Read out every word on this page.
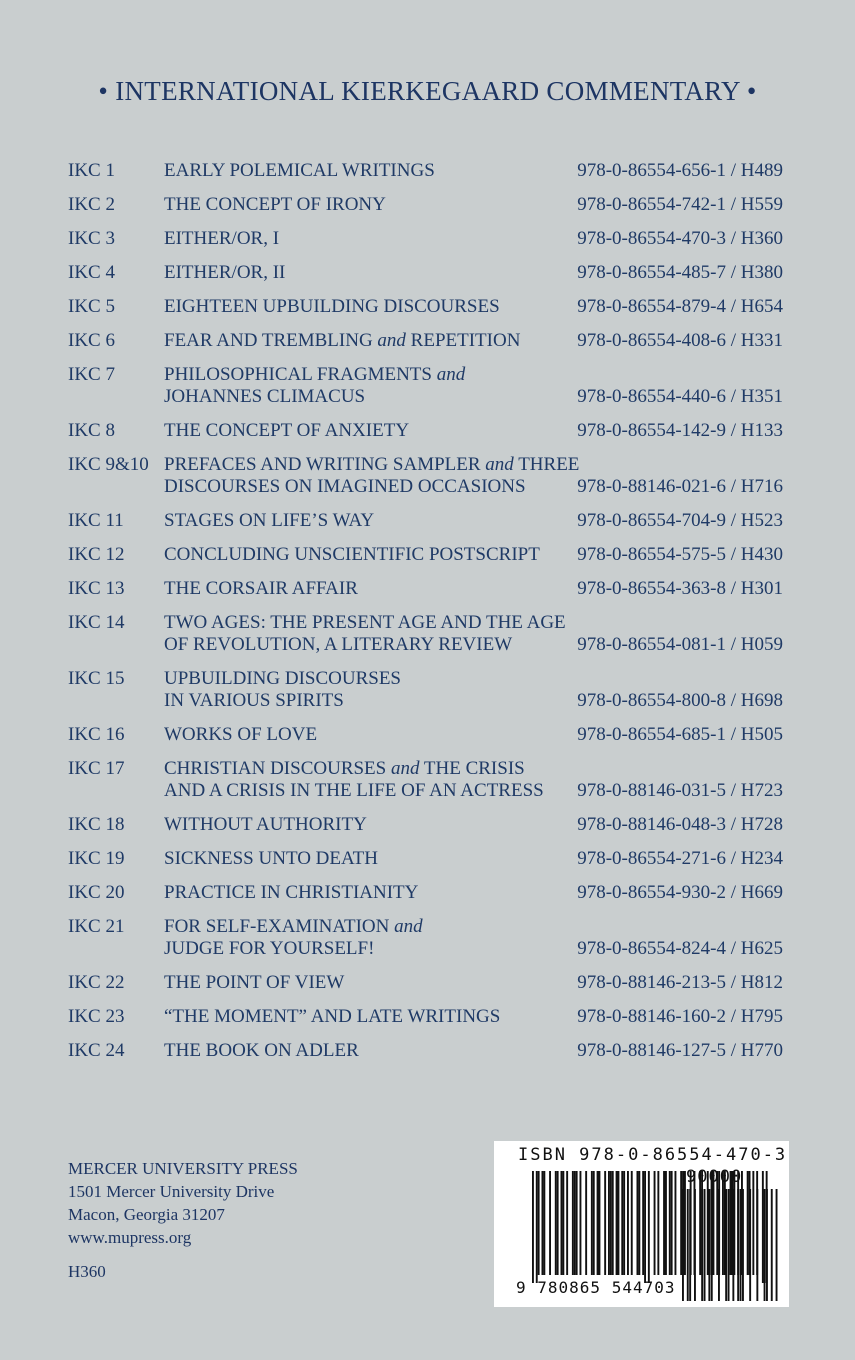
• INTERNATIONAL KIERKEGAARD COMMENTARY •
IKC 1	EARLY POLEMICAL WRITINGS	978-0-86554-656-1 / H489
IKC 2	THE CONCEPT OF IRONY	978-0-86554-742-1 / H559
IKC 3	EITHER/OR, I	978-0-86554-470-3 / H360
IKC 4	EITHER/OR, II	978-0-86554-485-7 / H380
IKC 5	EIGHTEEN UPBUILDING DISCOURSES	978-0-86554-879-4 / H654
IKC 6	FEAR AND TREMBLING and REPETITION	978-0-86554-408-6 / H331
IKC 7	PHILOSOPHICAL FRAGMENTS and
JOHANNES CLIMACUS	978-0-86554-440-6 / H351
IKC 8	THE CONCEPT OF ANXIETY	978-0-86554-142-9 / H133
IKC 9&10 PREFACES AND WRITING SAMPLER and THREE
DISCOURSES ON IMAGINED OCCASIONS	978-0-88146-021-6 / H716
IKC 11	STAGES ON LIFE’S WAY	978-0-86554-704-9 / H523
IKC 12	CONCLUDING UNSCIENTIFIC POSTSCRIPT	978-0-86554-575-5 / H430
IKC 13	THE CORSAIR AFFAIR	978-0-86554-363-8 / H301
IKC 14	TWO AGES: THE PRESENT AGE AND THE AGE
OF REVOLUTION, A LITERARY REVIEW	978-0-86554-081-1 / H059
IKC 15	UPBUILDING DISCOURSES
IN VARIOUS SPIRITS	978-0-86554-800-8 / H698
IKC 16	WORKS OF LOVE	978-0-86554-685-1 / H505
IKC 17	CHRISTIAN DISCOURSES and THE CRISIS
AND A CRISIS IN THE LIFE OF AN ACTRESS	978-0-88146-031-5 / H723
IKC 18	WITHOUT AUTHORITY	978-0-88146-048-3 / H728
IKC 19	SICKNESS UNTO DEATH	978-0-86554-271-6 / H234
IKC 20	PRACTICE IN CHRISTIANITY	978-0-86554-930-2 / H669
IKC 21	FOR SELF-EXAMINATION and
JUDGE FOR YOURSELF!	978-0-86554-824-4 / H625
IKC 22	THE POINT OF VIEW	978-0-88146-213-5 / H812
IKC 23	“THE MOMENT” AND LATE WRITINGS	978-0-88146-160-2 / H795
IKC 24	THE BOOK ON ADLER	978-0-88146-127-5 / H770
MERCER UNIVERSITY PRESS
1501 Mercer University Drive
Macon, Georgia 31207
www.mupress.org
H360
ISBN 978-0-86554-470-3
90000
9 780865 544703
